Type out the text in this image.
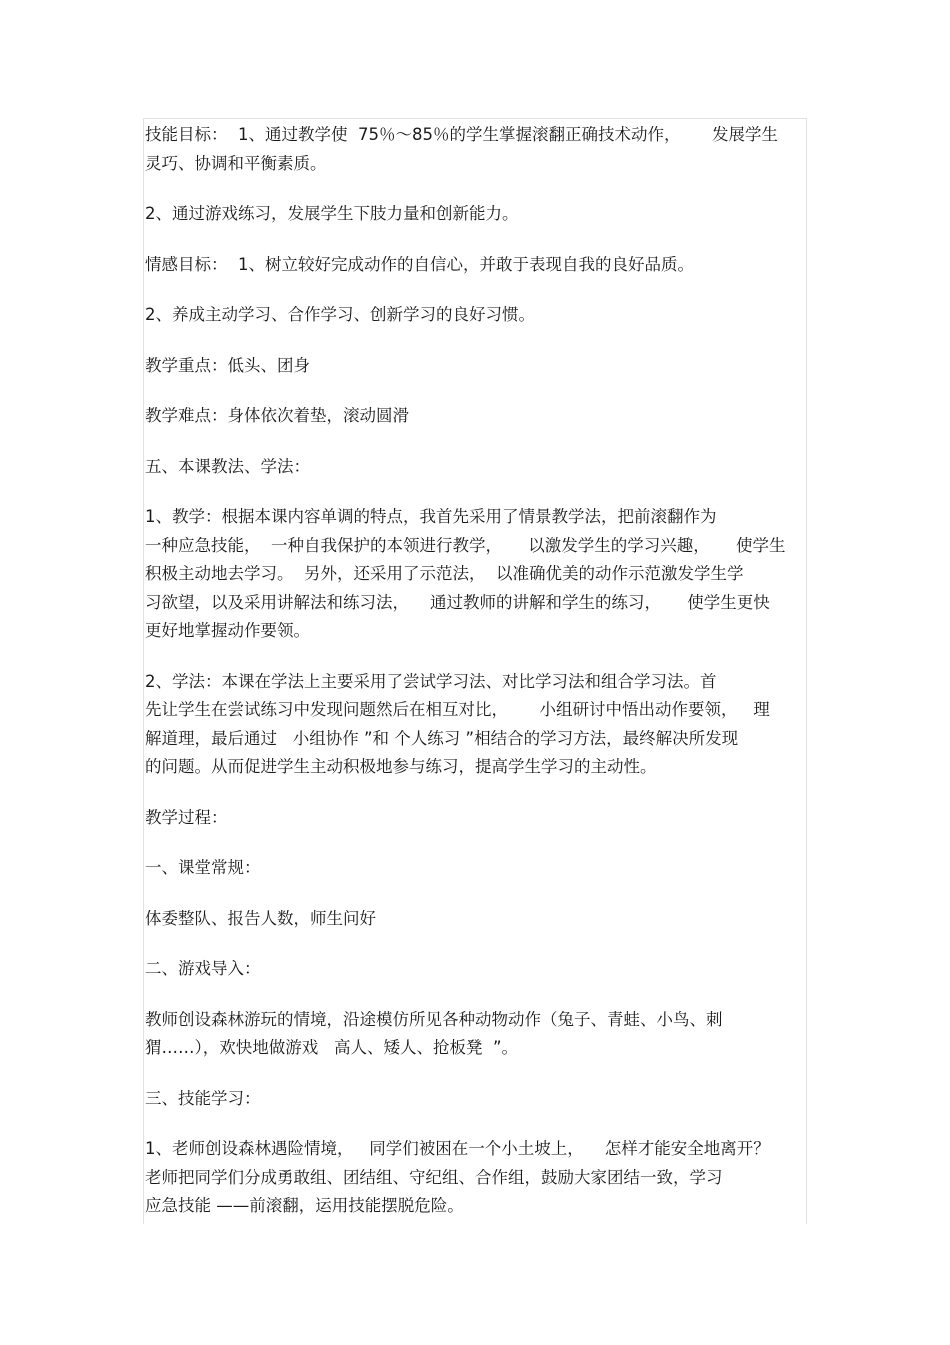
技能目标：  1、通过教学使  75％～85％的学生掌握滚翻正确技术动作，      发展学生
灵巧、协调和平衡素质。

2、通过游戏练习，发展学生下肢力量和创新能力。

情感目标：  1、树立较好完成动作的自信心，并敢于表现自我的良好品质。

2、养成主动学习、合作学习、创新学习的良好习惯。

教学重点：低头、团身

教学难点：身体依次着垫，滚动圆滑

五、本课教法、学法：

1、教学：根据本课内容单调的特点，我首先采用了情景教学法，把前滚翻作为
一种应急技能，  一种自我保护的本领进行教学，     以激发学生的学习兴趣，     使学生
积极主动地去学习。  另外，还采用了示范法，  以准确优美的动作示范激发学生学
习欲望，以及采用讲解法和练习法，    通过教师的讲解和学生的练习，     使学生更快
更好地掌握动作要领。

2、学法：本课在学法上主要采用了尝试学习法、对比学习法和组合学习法。首
先让学生在尝试练习中发现问题然后在相互对比，      小组研讨中悟出动作要领，   理
解道理，最后通过   小组协作 ”和 个人练习 ”相结合的学习方法，最终解决所发现
的问题。从而促进学生主动积极地参与练习，提高学生学习的主动性。

教学过程：

一、课堂常规：

体委整队、报告人数，师生问好

二、游戏导入：

教师创设森林游玩的情境，沿途模仿所见各种动物动作（兔子、青蛙、小鸟、刺
猬……），欢快地做游戏   高人、矮人、抢板凳  ”。

三、技能学习：

1、老师创设森林遇险情境，   同学们被困在一个小土坡上，    怎样才能安全地离开？
老师把同学们分成勇敢组、团结组、守纪组、合作组，鼓励大家团结一致，学习
应急技能 ——前滚翻，运用技能摆脱危险。
